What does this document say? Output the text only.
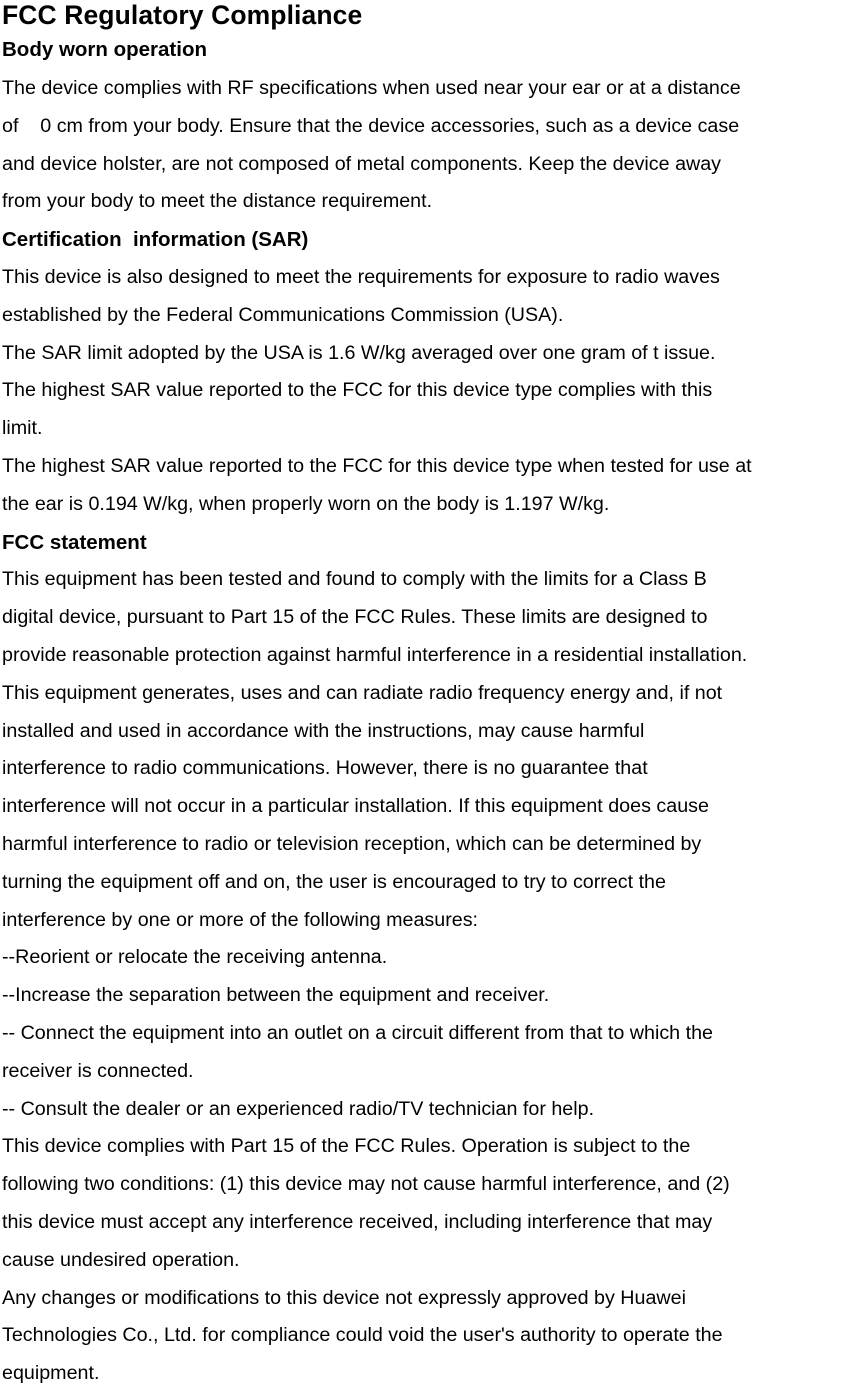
FCC Regulatory Compliance
Body worn operation

The device complies with RF specifications when used near your ear or at a distance

of    0 cm from your body. Ensure that the device accessories, such as a device case

and device holster, are not composed of metal components. Keep the device away

from your body to meet the distance requirement.

Certification  information (SAR)

This device is also designed to meet the requirements for exposure to radio waves

established by the Federal Communications Commission (USA).

The SAR limit adopted by the USA is 1.6 W/kg averaged over one gram of t issue.

The highest SAR value reported to the FCC for this device type complies with this

limit.

The highest SAR value reported to the FCC for this device type when tested for use at

the ear is 0.194 W/kg, when properly worn on the body is 1.197 W/kg.

FCC statement

This equipment has been tested and found to comply with the limits for a Class B

digital device, pursuant to Part 15 of the FCC Rules. These limits are designed to

provide reasonable protection against harmful interference in a residential installation.

This equipment generates, uses and can radiate radio frequency energy and, if not

installed and used in accordance with the instructions, may cause harmful

interference to radio communications. However, there is no guarantee that

interference will not occur in a particular installation. If this equipment does cause

harmful interference to radio or television reception, which can be determined by

turning the equipment off and on, the user is encouraged to try to correct the

interference by one or more of the following measures:

--Reorient or relocate the receiving antenna.

--Increase the separation between the equipment and receiver.

-- Connect the equipment into an outlet on a circuit different from that to which the

receiver is connected.

-- Consult the dealer or an experienced radio/TV technician for help.

This device complies with Part 15 of the FCC Rules. Operation is subject to the

following two conditions: (1) this device may not cause harmful interference, and (2)

this device must accept any interference received, including interference that may

cause undesired operation.

Any changes or modifications to this device not expressly approved by Huawei

Technologies Co., Ltd. for compliance could void the user's authority to operate the

equipment.
